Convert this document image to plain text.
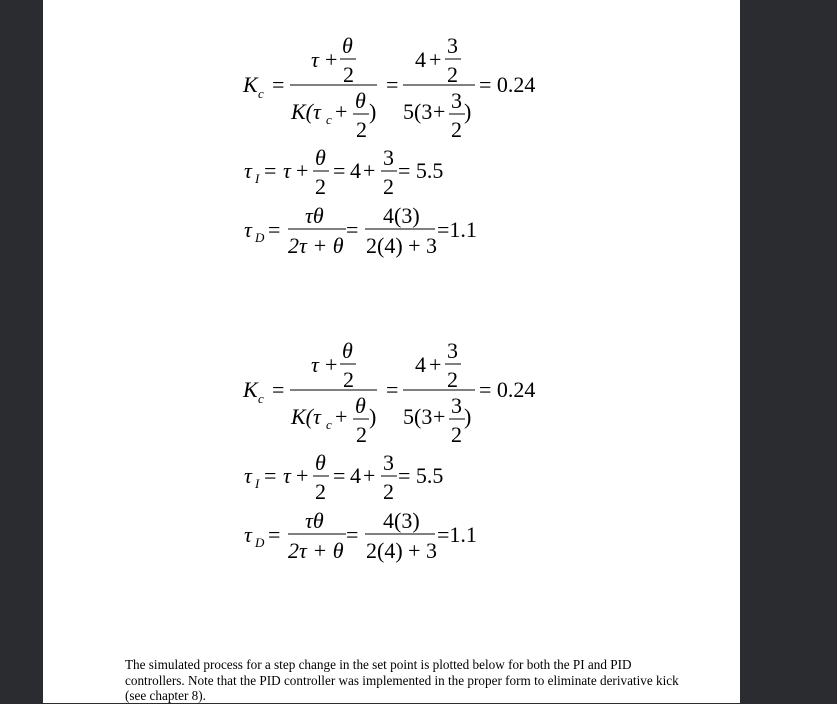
K c =
τ +
θ
2
K(τ c + θ
2
)
=
4 +
3
2
5(3 + 3
2
)
= 0.24
τ I = τ +
θ
2
= 4 +
3
2
= 5.5
τ D =
τθ
2τ + θ
=
4(3)
2(4) + 3
=1.1
K c =
τ +
θ
2
K(τ c + θ
2
)
=
4 +
3
2
5(3 + 3
2
)
= 0.24
τ I = τ +
θ
2
= 4 +
3
2
= 5.5
τ D =
τθ
2τ + θ
=
4(3)
2(4) + 3
=1.1

The simulated process for a step change in the set point is plotted below for both the PI and PID controllers. Note that the PID controller was implemented in the proper form to eliminate derivative kick (see chapter 8).
